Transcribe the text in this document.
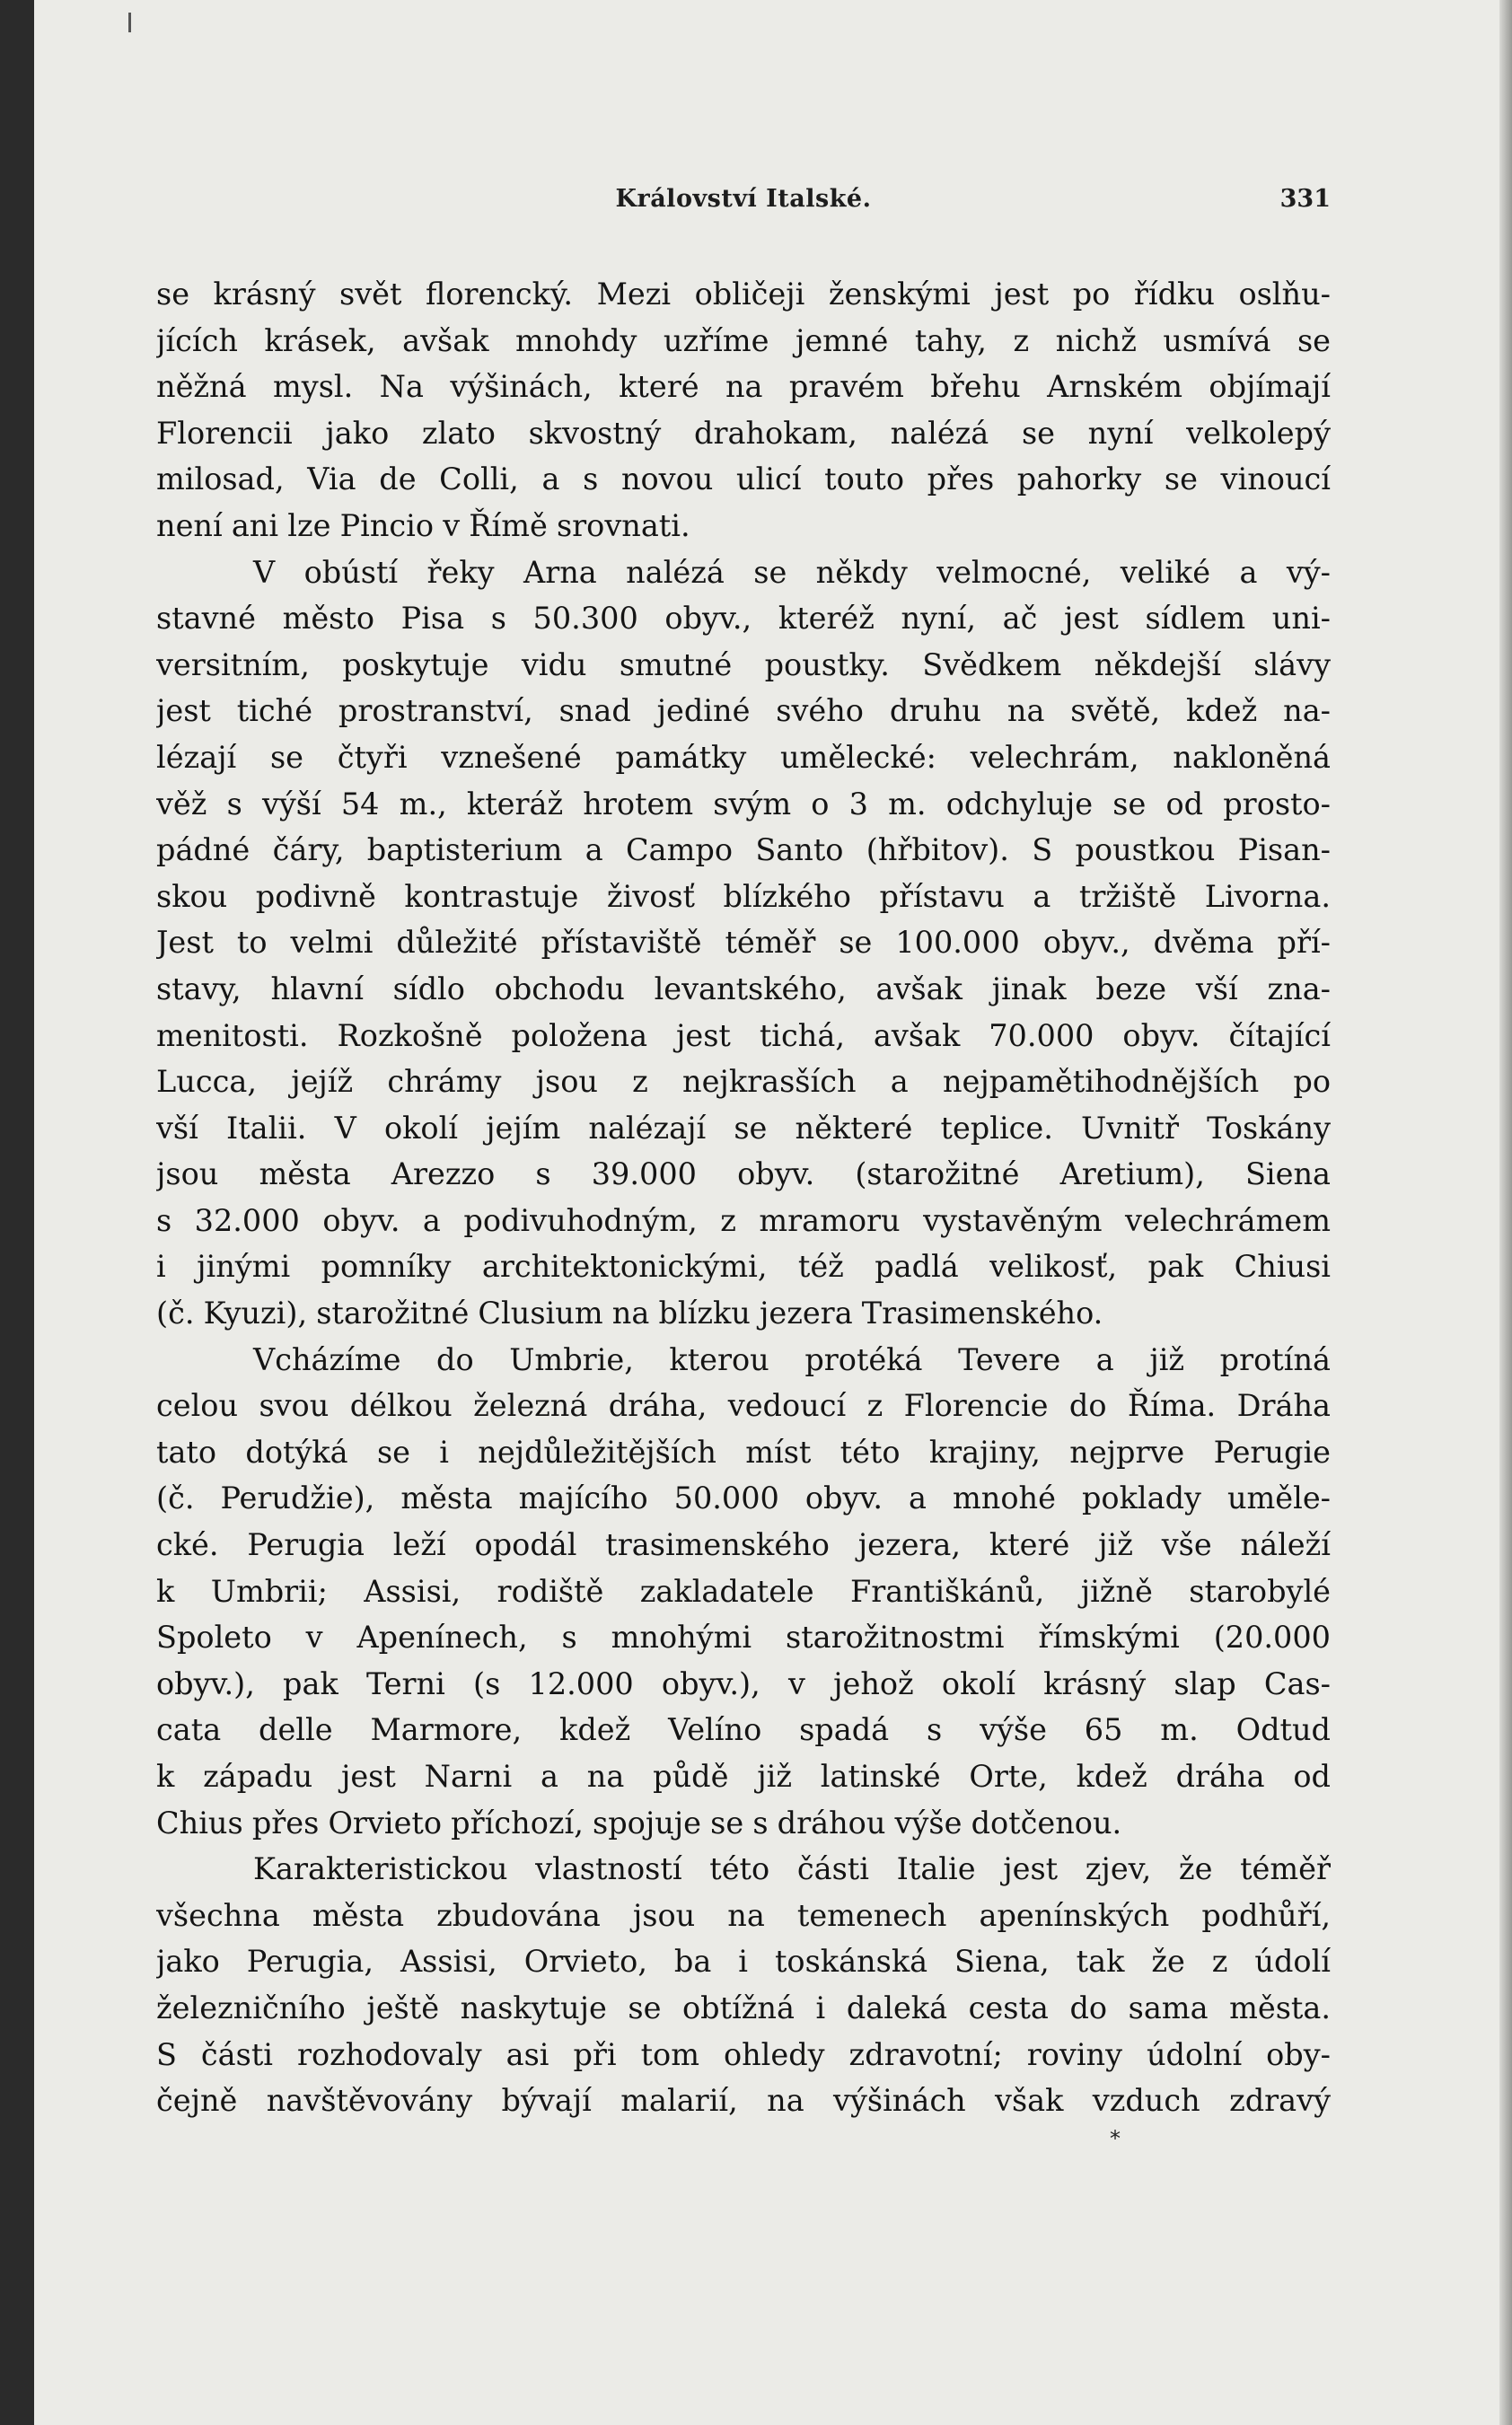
Království Italské.	331
se krásný svět florencký. Mezi obličeji ženskými jest po řídku oslňu-
jících krásek, avšak mnohdy uzříme jemné tahy, z nichž usmívá se
něžná mysl. Na výšinách, které na pravém břehu Arnském objímají
Florencii jako zlato skvostný drahokam, nalézá se nyní velkolepý
milosad, Via de Colli, a s novou ulicí touto přes pahorky se vinoucí
není ani lze Pincio v Římě srovnati.
V obústí řeky Arna nalézá se někdy velmocné, veliké a vý-
stavné město Pisa s 50.300 obyv., kteréž nyní, ač jest sídlem uni-
versitním, poskytuje vidu smutné poustky. Svědkem někdejší slávy
jest tiché prostranství, snad jediné svého druhu na světě, kdež na-
lézají se čtyři vznešené památky umělecké: velechrám, nakloněná
věž s výší 54 m., kteráž hrotem svým o 3 m. odchyluje se od prosto-
pádné čáry, baptisterium a Campo Santo (hřbitov). S poustkou Pisan-
skou podivně kontrastuje živosť blízkého přístavu a tržiště Livorna.
Jest to velmi důležité přístaviště téměř se 100.000 obyv., dvěma pří-
stavy, hlavní sídlo obchodu levantského, avšak jinak beze vší zna-
menitosti. Rozkošně položena jest tichá, avšak 70.000 obyv. čítající
Lucca, jejíž chrámy jsou z nejkrasších a nejpamětihodnějších po
vší Italii. V okolí jejím nalézají se některé teplice. Uvnitř Toskány
jsou města Arezzo s 39.000 obyv. (starožitné Aretium), Siena
s 32.000 obyv. a podivuhodným, z mramoru vystavěným velechrámem
i jinými pomníky architektonickými, též padlá velikosť, pak Chiusi
(č. Kyuzi), starožitné Clusium na blízku jezera Trasimenského.
Vcházíme do Umbrie, kterou protéká Tevere a již protíná
celou svou délkou železná dráha, vedoucí z Florencie do Říma. Dráha
tato dotýká se i nejdůležitějších míst této krajiny, nejprve Perugie
(č. Perudžie), města majícího 50.000 obyv. a mnohé poklady uměle-
cké. Perugia leží opodál trasimenského jezera, které již vše náleží
k Umbrii; Assisi, rodiště zakladatele Františkánů, jižně starobylé
Spoleto v Apenínech, s mnohými starožitnostmi římskými (20.000
obyv.), pak Terni (s 12.000 obyv.), v jehož okolí krásný slap Cas-
cata delle Marmore, kdež Velíno spadá s výše 65 m. Odtud
k západu jest Narni a na půdě již latinské Orte, kdež dráha od
Chius přes Orvieto příchozí, spojuje se s dráhou výše dotčenou.
Karakteristickou vlastností této části Italie jest zjev, že téměř
všechna města zbudována jsou na temenech apenínských podhůří,
jako Perugia, Assisi, Orvieto, ba i toskánská Siena, tak že z údolí
železničního ještě naskytuje se obtížná i daleká cesta do sama města.
S části rozhodovaly asi při tom ohledy zdravotní; roviny údolní oby-
čejně navštěvovány bývají malarií, na výšinách však vzduch zdravý
*
